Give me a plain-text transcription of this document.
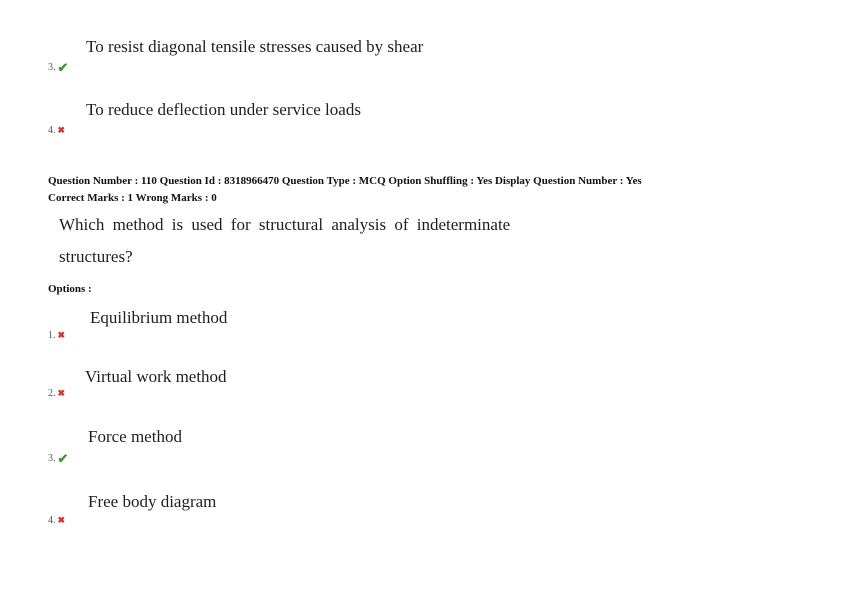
To resist diagonal tensile stresses caused by shear
3. ✔
To reduce deflection under service loads
4. ✖
Question Number : 110 Question Id : 8318966470 Question Type : MCQ Option Shuffling : Yes Display Question Number : Yes
Correct Marks : 1 Wrong Marks : 0
Which method is used for structural analysis of indeterminate
structures?
Options :
Equilibrium method
1. ✖
Virtual work method
2. ✖
Force method
3. ✔
Free body diagram
4. ✖
